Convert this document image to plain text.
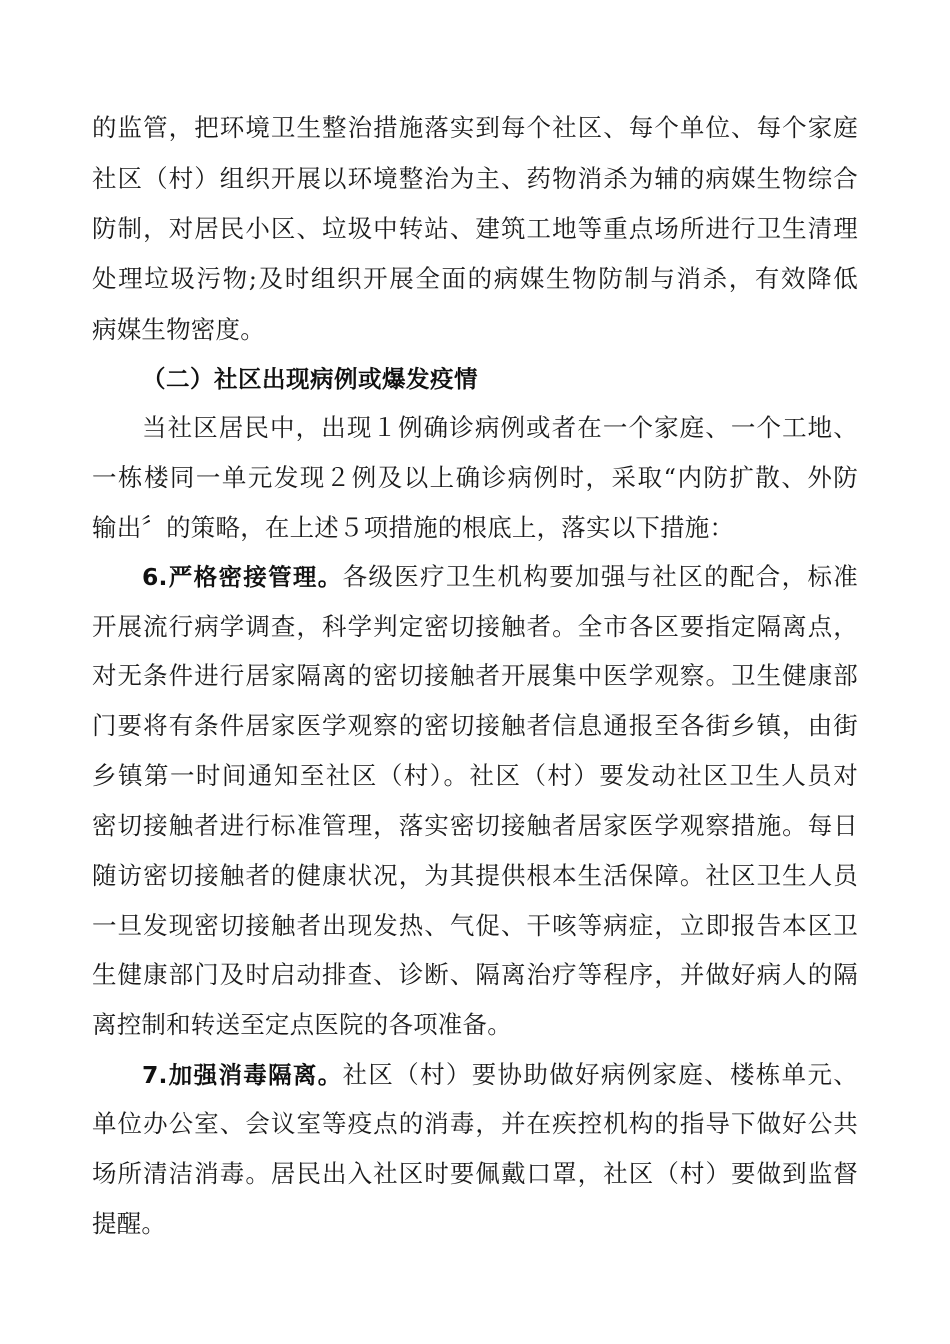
的监管，把环境卫生整治措施落实到每个社区、每个单位、每个家庭
社区（村）组织开展以环境整治为主、药物消杀为辅的病媒生物综合
防制，对居民小区、垃圾中转站、建筑工地等重点场所进行卫生清理
处理垃圾污物;及时组织开展全面的病媒生物防制与消杀，有效降低
病媒生物密度。
（二）社区出现病例或爆发疫情
当社区居民中，出现１例确诊病例或者在一个家庭、一个工地、
一栋楼同一单元发现２例及以上确诊病例时，采取“内防扩散、外防
输出〞的策略，在上述５项措施的根底上，落实以下措施：
6.严格密接管理。各级医疗卫生机构要加强与社区的配合，标准
开展流行病学调查，科学判定密切接触者。全市各区要指定隔离点，
对无条件进行居家隔离的密切接触者开展集中医学观察。卫生健康部
门要将有条件居家医学观察的密切接触者信息通报至各街乡镇，由街
乡镇第一时间通知至社区（村）。社区（村）要发动社区卫生人员对
密切接触者进行标准管理，落实密切接触者居家医学观察措施。每日
随访密切接触者的健康状况，为其提供根本生活保障。社区卫生人员
一旦发现密切接触者出现发热、气促、干咳等病症，立即报告本区卫
生健康部门及时启动排查、诊断、隔离治疗等程序，并做好病人的隔
离控制和转送至定点医院的各项准备。
7.加强消毒隔离。社区（村）要协助做好病例家庭、楼栋单元、
单位办公室、会议室等疫点的消毒，并在疾控机构的指导下做好公共
场所清洁消毒。居民出入社区时要佩戴口罩，社区（村）要做到监督
提醒。
